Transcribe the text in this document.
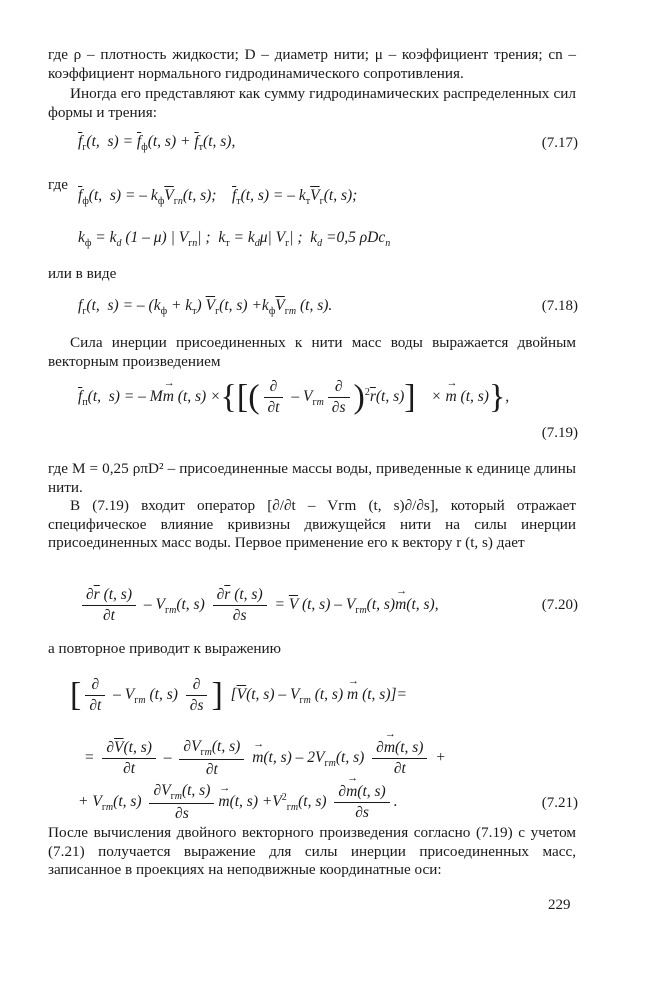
где ρ – плотность жидкости; D – диаметр нити; μ – коэффициент трения; cn – коэффициент нормального гидродинамического сопротивления.
Иногда его представляют как сумму гидродинамических распределенных сил формы и трения:
$\overline{f}_г(t$,  $s) = \overline{f}_ф(t$, $s) + \overline{f}_т(t$, s),	(7.17)
где
$\overline{f}_ф(t$,  s) = – $k_ф\overline{V}_{гn}(t$, s);    $\overline{f}_т(t$, s) = – $k_т\overline{V}_г(t$, s);
$k_ф = k_d$ (1 – μ) | $V_{гn}|$ ;  $k_т = k_d\mu|$ $V_г|$ ;  $k_d =0,5$ ρDc$_n$
или в виде
$f_г(t$,  s) = – $(k_ф + k_т)$ $\overline{V}_г(t$, $s) +k_ф\overline{V}_{гm}$ (t, s).	(7.18)
Сила инерции присоединенных к нити масс воды выражается двойным векторным произведением
$\overline{f}_п(t$,  s) = – M→ m (t, s) ×{[( $\frac{\partial}{\partial t} - V_{гm} \frac{\partial}{\partial s} )^2\overline{r}(t$, s)]    × → m (t, s)},
(7.19)
где M = 0,25 ρπD² – присоединенные массы воды, приведенные к единице длины нити.
В (7.19) входит оператор [∂/∂t – Vгm (t, s)∂/∂s], который отражает специфическое влияние кривизны движущейся нити на силы инерции присоединенных масс воды. Первое применение его к вектору r (t, s) дает
$\frac{\partial\overline{r} (t, s)}{\partial t} - V_{гm}(t$, $s) \frac{\partial\overline{r} (t, s)}{\partial s} = \overline{V}$ (t, $s) - V_{гm}(t$, s)→ m(t, s),	(7.20)
а повторное приводит к выражению
[ $\frac{\partial}{\partial t} - V_{гm}$ (t, $s) \frac{\partial}{\partial s}$ ]  [$\overline{V}(t$, $s) - V_{гm}$ (t, s) → m (t, s)]=
= $\frac{\partial\overline{V}(t, s)}{\partial t} - \frac{\partial V_{гm}(t, s)}{\partial t} \to m(t$, $s) - 2V_{гm}(t$, $s) \frac{\partial\to m(t, s)}{\partial t}$ +
+ $V_{гm}(t$, $s) \frac{\partial V_{гm}(t, s)}{\partial s} \to m(t$, $s) +V^2_{гm}(t$, $s) \frac{\partial\to m(t, s)}{\partial s}$ .	(7.21)
После вычисления двойного векторного произведения согласно (7.19) с учетом (7.21) получается выражение для силы инерции присоединенных масс, записанное в проекциях на неподвижные координатные оси:
229
